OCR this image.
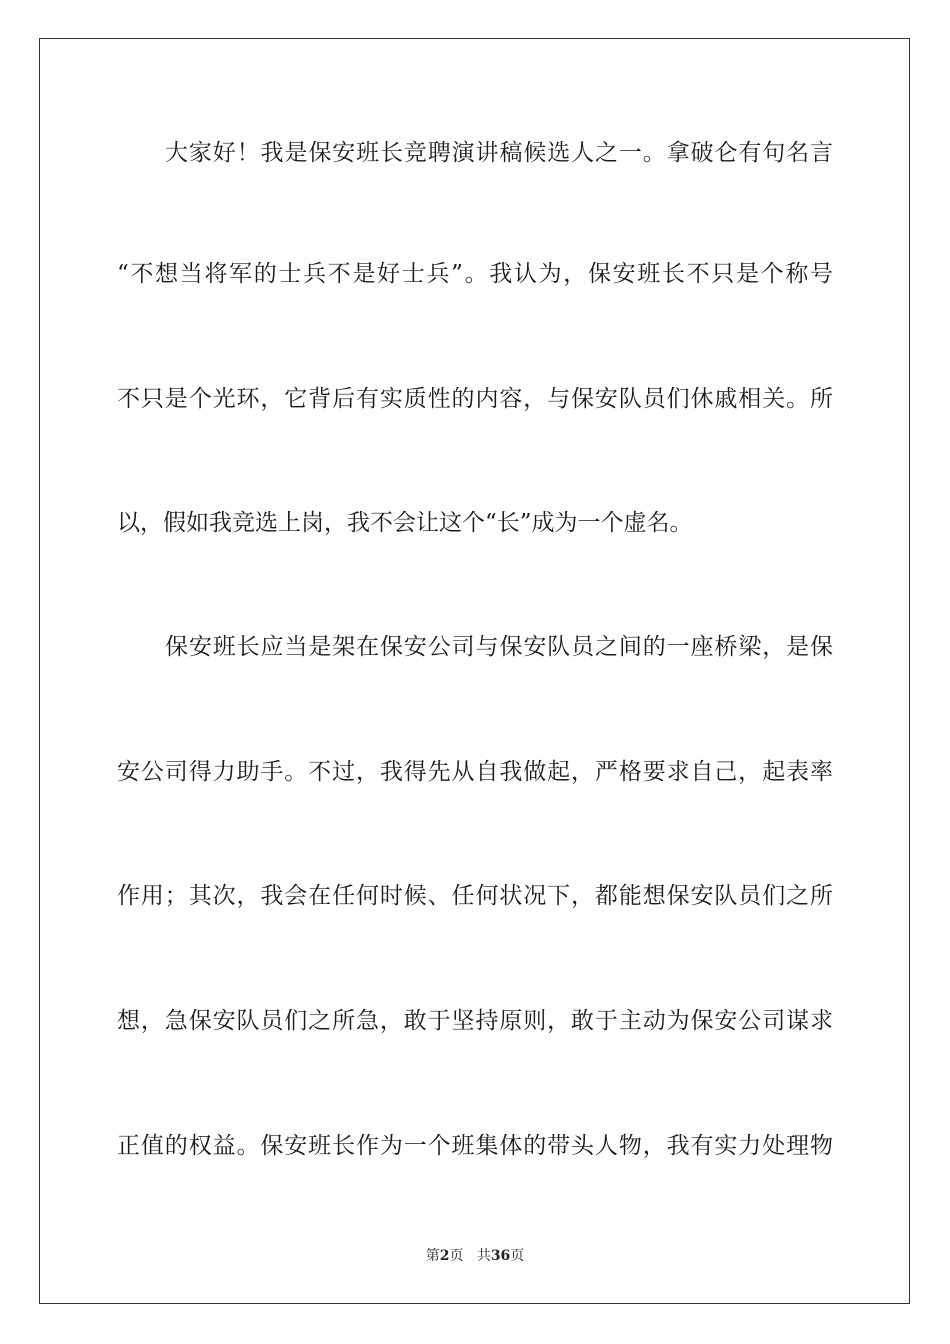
大家好！我是保安班长竞聘演讲稿候选人之一。拿破仑有句名言
“不想当将军的士兵不是好士兵”。我认为，保安班长不只是个称号
不只是个光环，它背后有实质性的内容，与保安队员们休戚相关。所
以，假如我竞选上岗，我不会让这个“长”成为一个虚名。
保安班长应当是架在保安公司与保安队员之间的一座桥梁，是保
安公司得力助手。不过，我得先从自我做起，严格要求自己，起表率
作用；其次，我会在任何时候、任何状况下，都能想保安队员们之所
想，急保安队员们之所急，敢于坚持原则，敢于主动为保安公司谋求
正值的权益。保安班长作为一个班集体的带头人物，我有实力处理物
第2页 共36页
